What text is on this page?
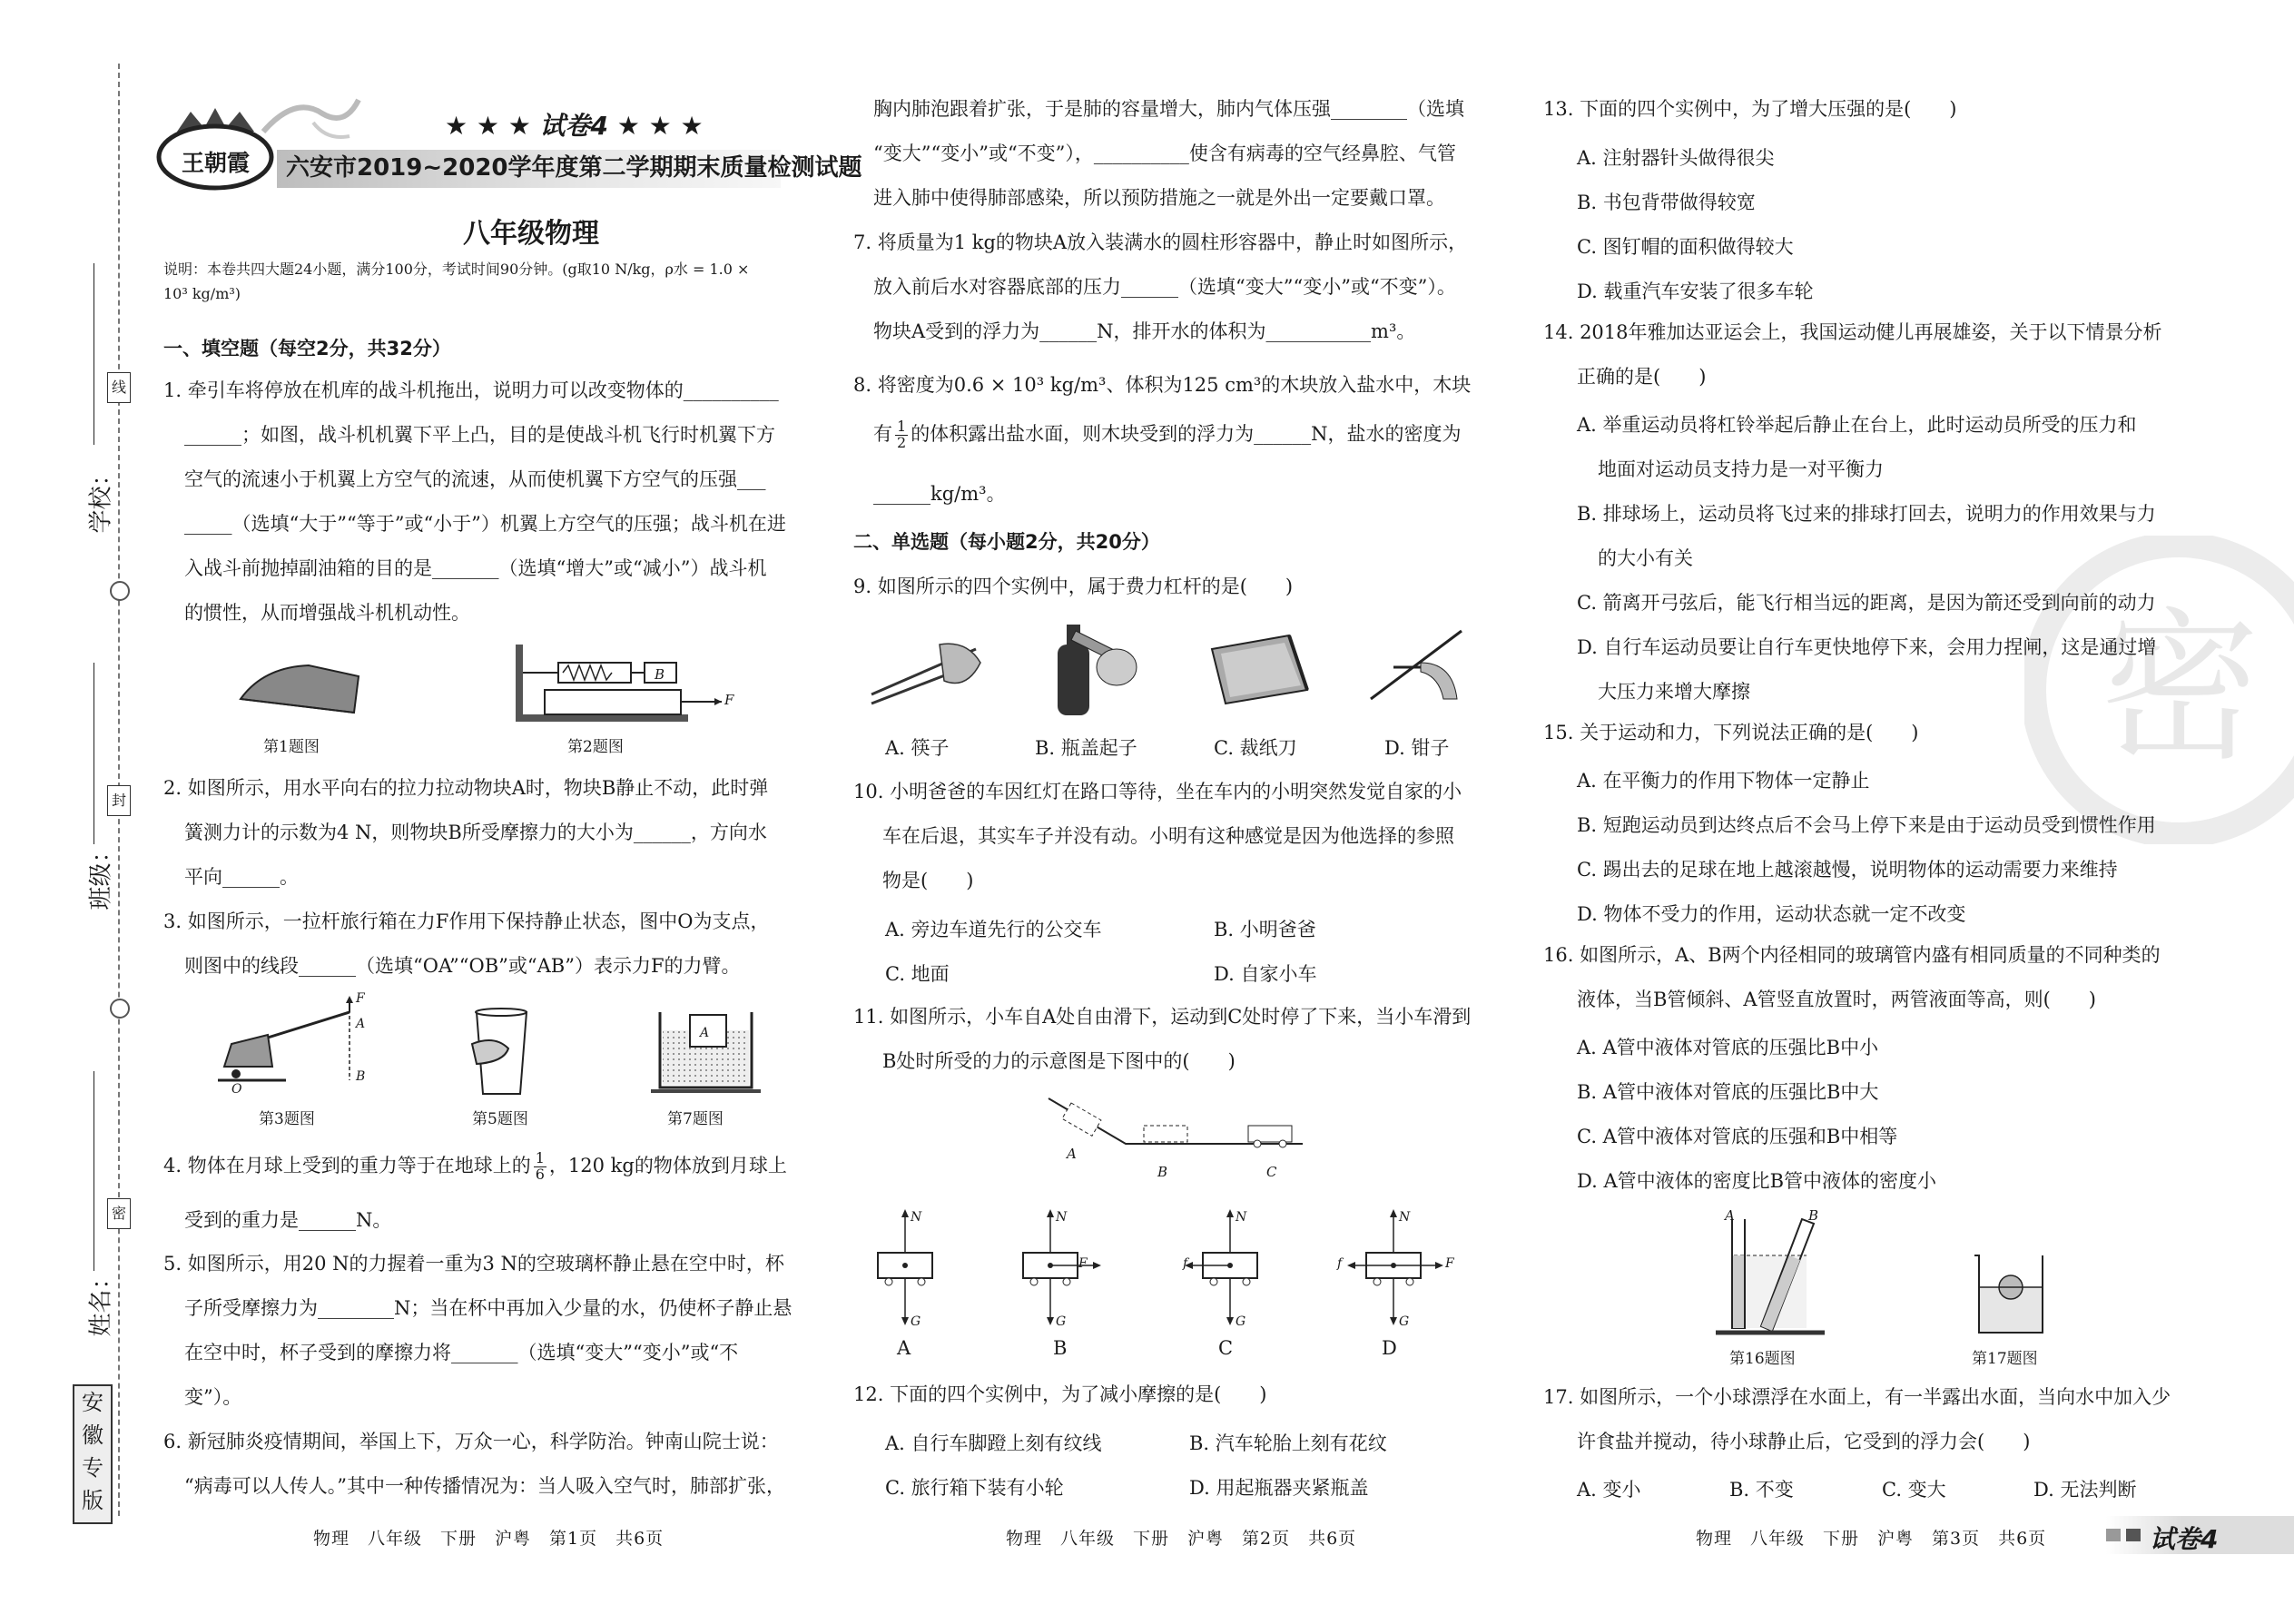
学校：
班级：
姓名：
线
封
密
安
徽
专
版
王朝霞
★ ★ ★ 试卷4 ★ ★ ★
六安市2019~2020学年度第二学期期末质量检测试题
八年级物理
说明：本卷共四大题24小题，满分100分，考试时间90分钟。(g取10 N/kg，ρ水 = 1.0 ×
10³ kg/m³)
一、填空题（每空2分，共32分）
1. 牵引车将停放在机库的战斗机拖出，说明力可以改变物体的__________
______；如图，战斗机机翼下平上凸，目的是使战斗机飞行时机翼下方
空气的流速小于机翼上方空气的流速，从而使机翼下方空气的压强___
_____（选填“大于”“等于”或“小于”）机翼上方空气的压强；战斗机在进
入战斗前抛掉副油箱的目的是_______（选填“增大”或“减小”）战斗机
的惯性，从而增强战斗机机动性。
第1题图
B
F
第2题图
2. 如图所示，用水平向右的拉力拉动物块A时，物块B静止不动，此时弹
簧测力计的示数为4 N，则物块B所受摩擦力的大小为______，方向水
平向______。
3. 如图所示，一拉杆旅行箱在力F作用下保持静止状态，图中O为支点，
则图中的线段______（选填“OA”“OB”或“AB”）表示力F的力臂。
F
A
B
O
第3题图	第5题图
A
第7题图
4. 物体在月球上受到的重力等于在地球上的 $\frac{1}{6}$ ，120 kg的物体放到月球上
受到的重力是______N。
5. 如图所示，用20 N的力握着一重为3 N的空玻璃杯静止悬在空中时，杯
子所受摩擦力为________N；当在杯中再加入少量的水，仍使杯子静止悬
在空中时，杯子受到的摩擦力将_______（选填“变大”“变小”或“不
变”）。
6. 新冠肺炎疫情期间，举国上下，万众一心，科学防治。钟南山院士说：
“病毒可以人传人。”其中一种传播情况为：当人吸入空气时，肺部扩张，
物理　八年级　下册　沪粤　第1页　共6页
胸内肺泡跟着扩张，于是肺的容量增大，肺内气体压强________（选填
“变大”“变小”或“不变”），__________使含有病毒的空气经鼻腔、气管
进入肺中使得肺部感染，所以预防措施之一就是外出一定要戴口罩。
7. 将质量为1 kg的物块A放入装满水的圆柱形容器中，静止时如图所示，
放入前后水对容器底部的压力______（选填“变大”“变小”或“不变”）。
物块A受到的浮力为______N，排开水的体积为___________m³。
8. 将密度为0.6 × 10³ kg/m³、体积为125 cm³的木块放入盐水中，木块
有 $\frac{1}{2}$ 的体积露出盐水面，则木块受到的浮力为______N，盐水的密度为
______kg/m³。
二、单选题（每小题2分，共20分）
9. 如图所示的四个实例中，属于费力杠杆的是(　　)
A. 筷子	B. 瓶盖起子	C. 裁纸刀	D. 钳子
10. 小明爸爸的车因红灯在路口等待，坐在车内的小明突然发觉自家的小
车在后退，其实车子并没有动。小明有这种感觉是因为他选择的参照
物是(　　)
A. 旁边车道先行的公交车	B. 小明爸爸
C. 地面	D. 自家小车
11. 如图所示，小车自A处自由滑下，运动到C处时停了下来，当小车滑到
B处时所受的力的示意图是下图中的(　　)
A
B	C
N
G
N
F
G
N
f
G
N
f	F
G
A	B	C	D
12. 下面的四个实例中，为了减小摩擦的是(　　)
A. 自行车脚蹬上刻有纹线	B. 汽车轮胎上刻有花纹
C. 旅行箱下装有小轮	D. 用起瓶器夹紧瓶盖
物理　八年级　下册　沪粤　第2页　共6页
密
13. 下面的四个实例中，为了增大压强的是(　　)
A. 注射器针头做得很尖
B. 书包背带做得较宽
C. 图钉帽的面积做得较大
D. 载重汽车安装了很多车轮
14. 2018年雅加达亚运会上，我国运动健儿再展雄姿，关于以下情景分析
正确的是(　　)
A. 举重运动员将杠铃举起后静止在台上，此时运动员所受的压力和
地面对运动员支持力是一对平衡力
B. 排球场上，运动员将飞过来的排球打回去，说明力的作用效果与力
的大小有关
C. 箭离开弓弦后，能飞行相当远的距离，是因为箭还受到向前的动力
D. 自行车运动员要让自行车更快地停下来，会用力捏闸，这是通过增
大压力来增大摩擦
15. 关于运动和力，下列说法正确的是(　　)
A. 在平衡力的作用下物体一定静止
B. 短跑运动员到达终点后不会马上停下来是由于运动员受到惯性作用
C. 踢出去的足球在地上越滚越慢，说明物体的运动需要力来维持
D. 物体不受力的作用，运动状态就一定不改变
16. 如图所示，A、B两个内径相同的玻璃管内盛有相同质量的不同种类的
液体，当B管倾斜、A管竖直放置时，两管液面等高，则(　　)
A. A管中液体对管底的压强比B中小
B. A管中液体对管底的压强比B中大
C. A管中液体对管底的压强和B中相等
D. A管中液体的密度比B管中液体的密度小
A	B
第16题图	第17题图
17. 如图所示，一个小球漂浮在水面上，有一半露出水面，当向水中加入少
许食盐并搅动，待小球静止后，它受到的浮力会(　　)
A. 变小	B. 不变	C. 变大	D. 无法判断
物理　八年级　下册　沪粤　第3页　共6页	试卷4
